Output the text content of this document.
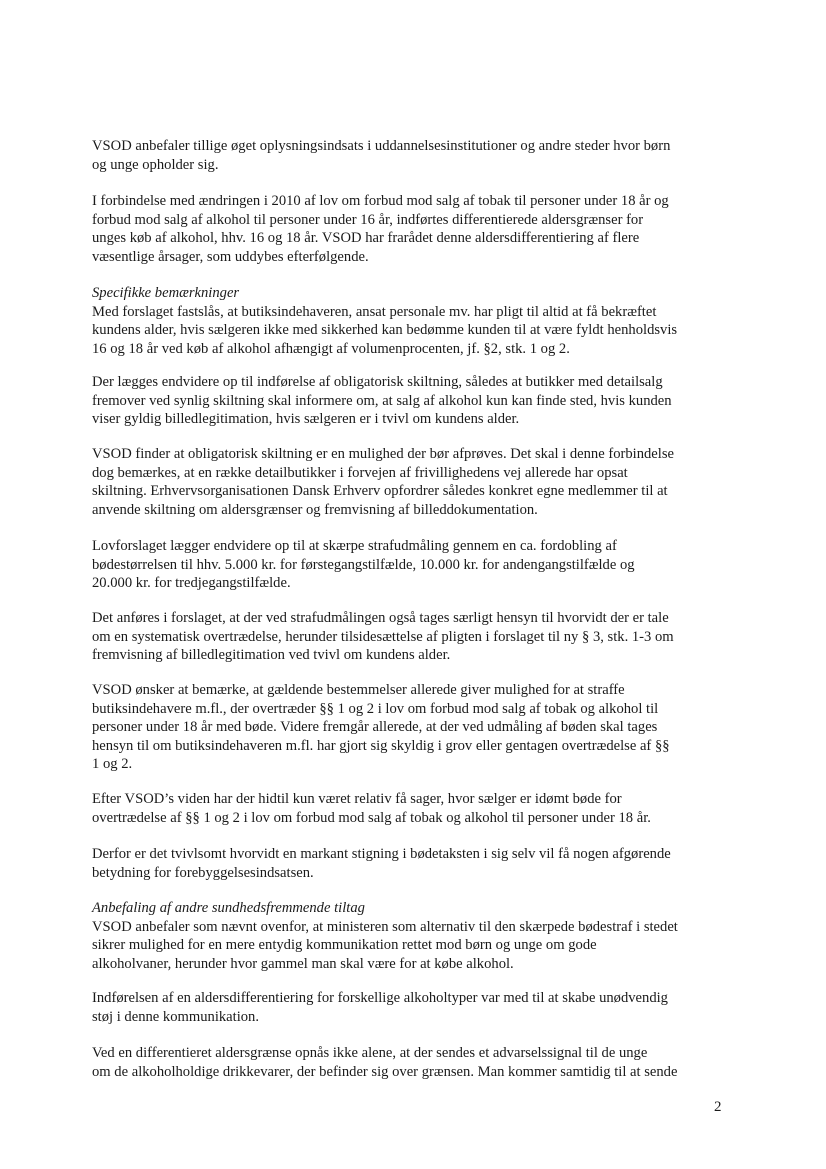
VSOD anbefaler tillige øget oplysningsindsats i uddannelsesinstitutioner og andre steder hvor børn
og unge opholder sig.
I forbindelse med ændringen i 2010 af lov om forbud mod salg af tobak til personer under 18 år og
forbud mod salg af alkohol til personer under 16 år, indførtes differentierede aldersgrænser for
unges køb af alkohol, hhv. 16 og 18 år. VSOD har frarådet denne aldersdifferentiering af flere
væsentlige årsager, som uddybes efterfølgende.
Specifikke bemærkninger
Med forslaget fastslås, at butiksindehaveren, ansat personale mv. har pligt til altid at få bekræftet
kundens alder, hvis sælgeren ikke med sikkerhed kan bedømme kunden til at være fyldt henholdsvis
16 og 18 år ved køb af alkohol afhængigt af volumenprocenten, jf. §2, stk. 1 og 2.
Der lægges endvidere op til indførelse af obligatorisk skiltning, således at butikker med detailsalg
fremover ved synlig skiltning skal informere om, at salg af alkohol kun kan finde sted, hvis kunden
viser gyldig billedlegitimation, hvis sælgeren er i tvivl om kundens alder.
VSOD finder at obligatorisk skiltning er en mulighed der bør afprøves. Det skal i denne forbindelse
dog bemærkes, at en række detailbutikker i forvejen af frivillighedens vej allerede har opsat
skiltning. Erhvervsorganisationen Dansk Erhverv opfordrer således konkret egne medlemmer til at
anvende skiltning om aldersgrænser og fremvisning af billeddokumentation.
Lovforslaget lægger endvidere op til at skærpe strafudmåling gennem en ca. fordobling af
bødestørrelsen til hhv. 5.000 kr. for førstegangstilfælde, 10.000 kr. for andengangstilfælde og
20.000 kr. for tredjegangstilfælde.
Det anføres i forslaget, at der ved strafudmålingen også tages særligt hensyn til hvorvidt der er tale
om en systematisk overtrædelse, herunder tilsidesættelse af pligten i forslaget til ny § 3, stk. 1-3 om
fremvisning af billedlegitimation ved tvivl om kundens alder.
VSOD ønsker at bemærke, at gældende bestemmelser allerede giver mulighed for at straffe
butiksindehavere m.fl., der overtræder §§ 1 og 2 i lov om forbud mod salg af tobak og alkohol til
personer under 18 år med bøde. Videre fremgår allerede, at der ved udmåling af bøden skal tages
hensyn til om butiksindehaveren m.fl. har gjort sig skyldig i grov eller gentagen overtrædelse af §§
1 og 2.
Efter VSOD’s viden har der hidtil kun været relativ få sager, hvor sælger er idømt bøde for
overtrædelse af §§ 1 og 2 i lov om forbud mod salg af tobak og alkohol til personer under 18 år.
Derfor er det tvivlsomt hvorvidt en markant stigning i bødetaksten i sig selv vil få nogen afgørende
betydning for forebyggelsesindsatsen.
Anbefaling af andre sundhedsfremmende tiltag
VSOD anbefaler som nævnt ovenfor, at ministeren som alternativ til den skærpede bødestraf i stedet
sikrer mulighed for en mere entydig kommunikation rettet mod børn og unge om gode
alkoholvaner, herunder hvor gammel man skal være for at købe alkohol.
Indførelsen af en aldersdifferentiering for forskellige alkoholtyper var med til at skabe unødvendig
støj i denne kommunikation.
Ved en differentieret aldersgrænse opnås ikke alene, at der sendes et advarselssignal til de unge
om de alkoholholdige drikkevarer, der befinder sig over grænsen. Man kommer samtidig til at sende
2
